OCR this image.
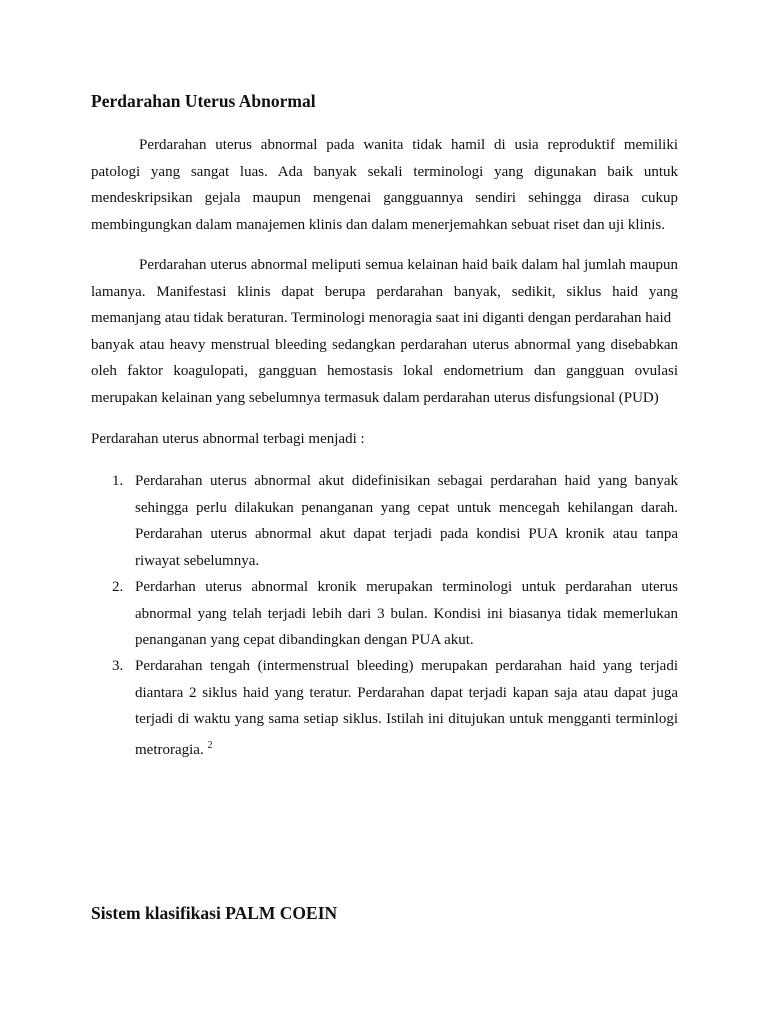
Perdarahan Uterus Abnormal
Perdarahan uterus abnormal pada wanita tidak hamil di usia reproduktif memiliki
patologi yang sangat luas. Ada banyak sekali terminologi yang digunakan baik untuk
mendeskripsikan gejala maupun mengenai gangguannya sendiri sehingga dirasa cukup
membingungkan dalam manajemen klinis dan dalam menerjemahkan sebuat riset dan uji klinis.
Perdarahan uterus abnormal meliputi semua kelainan haid baik dalam hal jumlah maupun
lamanya. Manifestasi klinis dapat berupa perdarahan banyak, sedikit, siklus haid yang
memanjang atau tidak beraturan. Terminologi menoragia saat ini diganti dengan perdarahan haid
banyak atau heavy menstrual bleeding sedangkan perdarahan uterus abnormal yang disebabkan
oleh faktor koagulopati, gangguan hemostasis lokal endometrium dan gangguan ovulasi
merupakan kelainan yang sebelumnya termasuk dalam perdarahan uterus disfungsional (PUD)
Perdarahan uterus abnormal terbagi menjadi :
1. Perdarahan uterus abnormal akut didefinisikan sebagai perdarahan haid yang banyak
sehingga perlu dilakukan penanganan yang cepat untuk mencegah kehilangan darah.
Perdarahan uterus abnormal akut dapat terjadi pada kondisi PUA kronik atau tanpa
riwayat sebelumnya.
2. Perdarhan uterus abnormal kronik merupakan terminologi untuk perdarahan uterus
abnormal yang telah terjadi lebih dari 3 bulan. Kondisi ini biasanya tidak memerlukan
penanganan yang cepat dibandingkan dengan PUA akut.
3. Perdarahan tengah (intermenstrual bleeding) merupakan perdarahan haid yang terjadi
diantara 2 siklus haid yang teratur. Perdarahan dapat terjadi kapan saja atau dapat juga
terjadi di waktu yang sama setiap siklus. Istilah ini ditujukan untuk mengganti terminlogi
metroragia. $^2$
Sistem klasifikasi PALM COEIN
